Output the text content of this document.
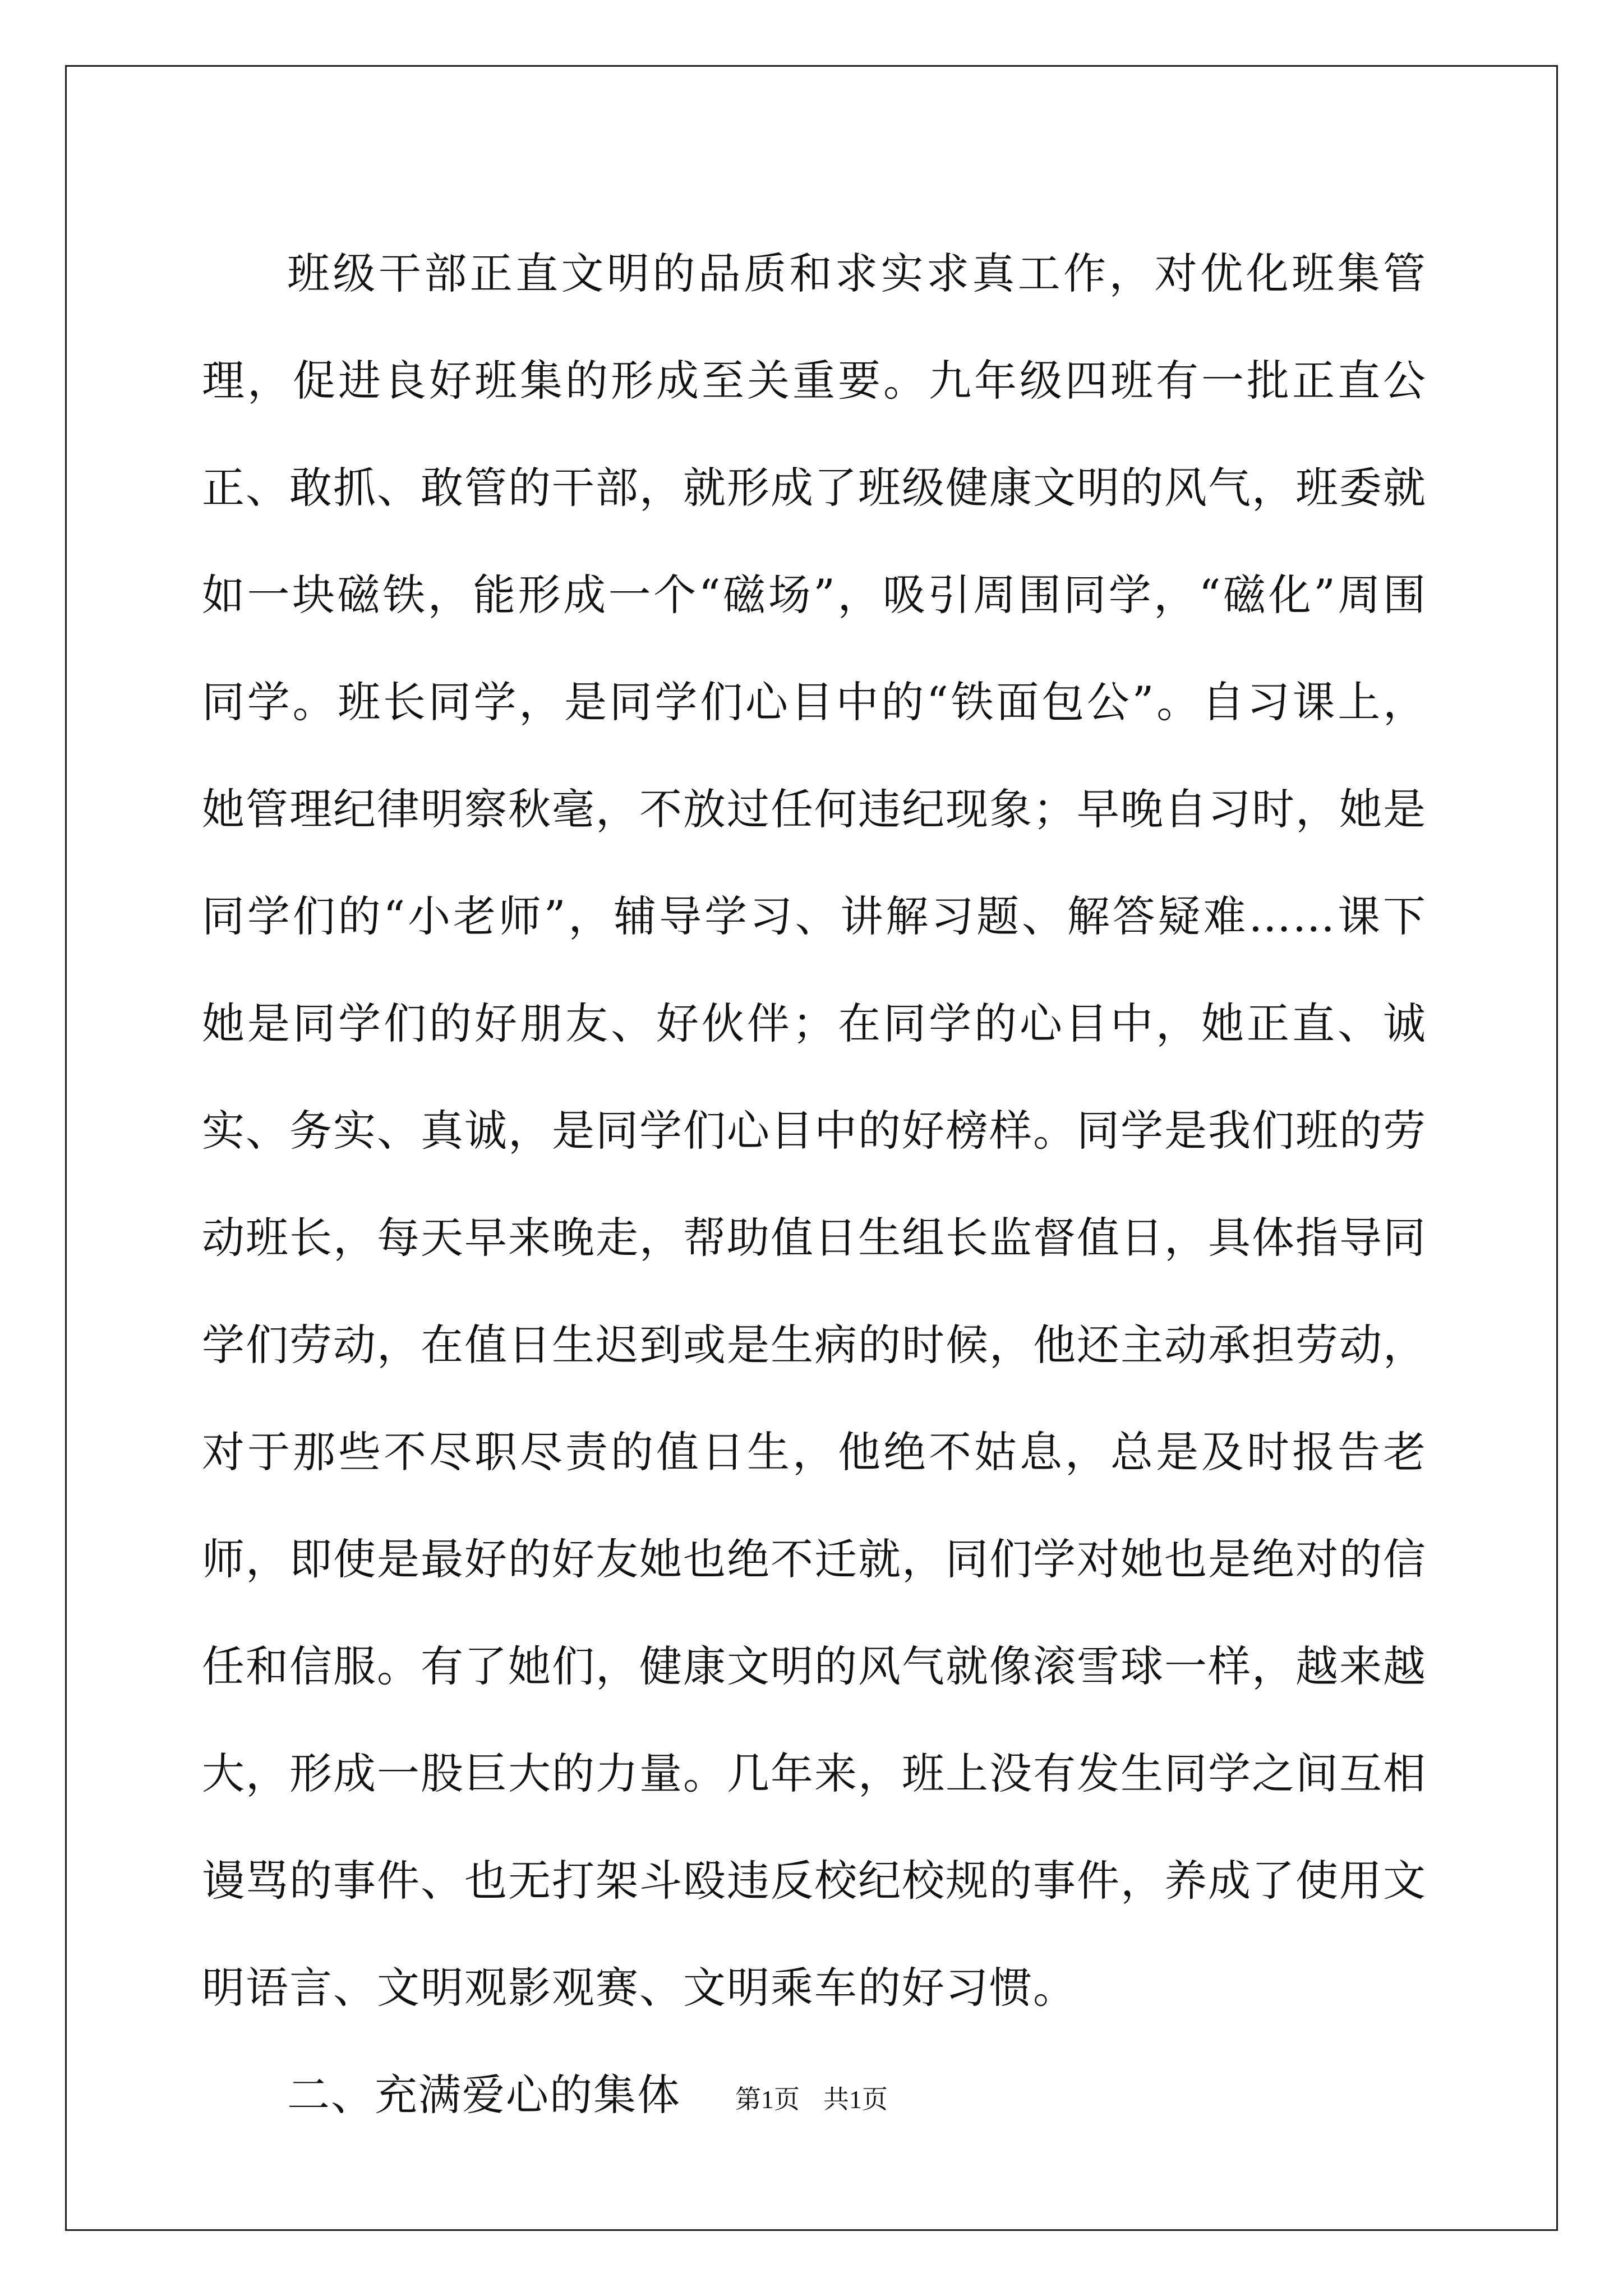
班级干部正直文明的品质和求实求真工作，对优化班集管理，促进良好班集的形成至关重要。九年级四班有一批正直公正、敢抓、敢管的干部，就形成了班级健康文明的风气，班委就如一块磁铁，能形成一个“磁场”，吸引周围同学，“磁化”周围同学。班长同学，是同学们心目中的“铁面包公”。自习课上，她管理纪律明察秋毫，不放过任何违纪现象；早晚自习时，她是同学们的“小老师”，辅导学习、讲解习题、解答疑难……课下她是同学们的好朋友、好伙伴；在同学的心目中，她正直、诚实、务实、真诚，是同学们心目中的好榜样。同学是我们班的劳动班长，每天早来晚走，帮助值日生组长监督值日，具体指导同学们劳动，在值日生迟到或是生病的时候，他还主动承担劳动，对于那些不尽职尽责的值日生，他绝不姑息，总是及时报告老师，即使是最好的好友她也绝不迁就，同们学对她也是绝对的信任和信服。有了她们，健康文明的风气就像滚雪球一样，越来越大，形成一股巨大的力量。几年来，班上没有发生同学之间互相谩骂的事件、也无打架斗殴违反校纪校规的事件，养成了使用文明语言、文明观影观赛、文明乘车的好习惯。

二、充满爱心的集体	第1页 共1页
